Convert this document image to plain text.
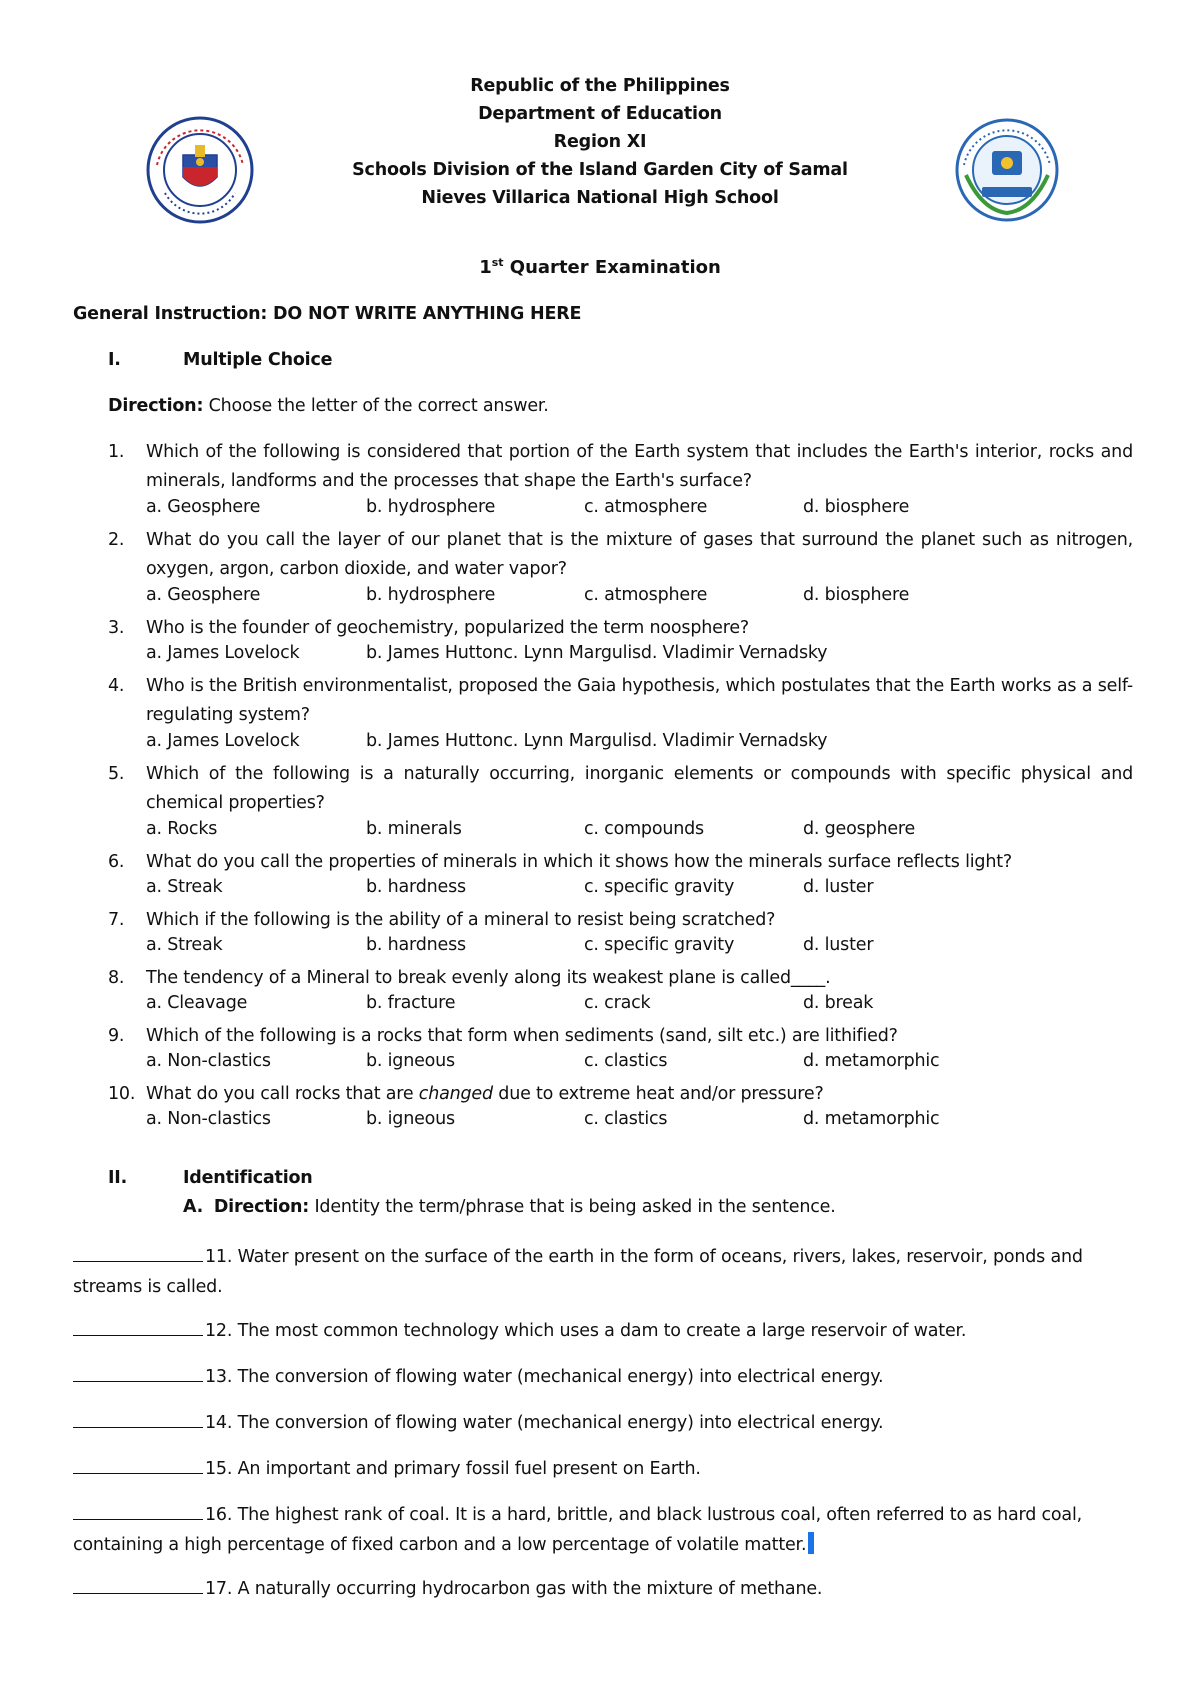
Republic of the Philippines
Department of Education
Region XI
Schools Division of the Island Garden City of Samal
Nieves Villarica National High School
1st Quarter Examination
General Instruction: DO NOT WRITE ANYTHING HERE
I.	Multiple Choice
Direction: Choose the letter of the correct answer.
1.	Which of the following is considered that portion of the Earth system that includes the Earth's interior, rocks and minerals, landforms and the processes that shape the Earth's surface?
a. Geosphere	b. hydrosphere	c. atmosphere	d. biosphere
2.	What do you call the layer of our planet that is the mixture of gases that surround the planet such as nitrogen, oxygen, argon, carbon dioxide, and water vapor?
a. Geosphere	b. hydrosphere	c. atmosphere	d. biosphere
3.	Who is the founder of geochemistry, popularized the term noosphere?
a. James Lovelock	b. James Huttonc. Lynn Margulisd. Vladimir Vernadsky
4.	Who is the British environmentalist, proposed the Gaia hypothesis, which postulates that the Earth works as a self-regulating system?
a. James Lovelock	b. James Huttonc. Lynn Margulisd. Vladimir Vernadsky
5.	Which of the following is a naturally occurring, inorganic elements or compounds with specific physical and chemical properties?
a. Rocks	b. minerals	c. compounds	d. geosphere
6.	What do you call the properties of minerals in which it shows how the minerals surface reflects light?
a. Streak	b. hardness	c. specific gravity	d. luster
7.	Which if the following is the ability of a mineral to resist being scratched?
a. Streak	b. hardness	c. specific gravity	d. luster
8.	The tendency of a Mineral to break evenly along its weakest plane is called____.
a. Cleavage	b. fracture	c. crack	d. break
9.	Which of the following is a rocks that form when sediments (sand, silt etc.) are lithified?
a. Non-clastics	b. igneous	c. clastics	d. metamorphic
10. What do you call rocks that are changed due to extreme heat and/or pressure?
a. Non-clastics	b. igneous	c. clastics	d. metamorphic
II.	Identification
A. Direction: Identity the term/phrase that is being asked in the sentence.
11. Water present on the surface of the earth in the form of oceans, rivers, lakes, reservoir, ponds and streams is called.
12. The most common technology which uses a dam to create a large reservoir of water.
13. The conversion of flowing water (mechanical energy) into electrical energy.
14. The conversion of flowing water (mechanical energy) into electrical energy.
15. An important and primary fossil fuel present on Earth.
16. The highest rank of coal. It is a hard, brittle, and black lustrous coal, often referred to as hard coal, containing a high percentage of fixed carbon and a low percentage of volatile matter.
17. A naturally occurring hydrocarbon gas with the mixture of methane.
